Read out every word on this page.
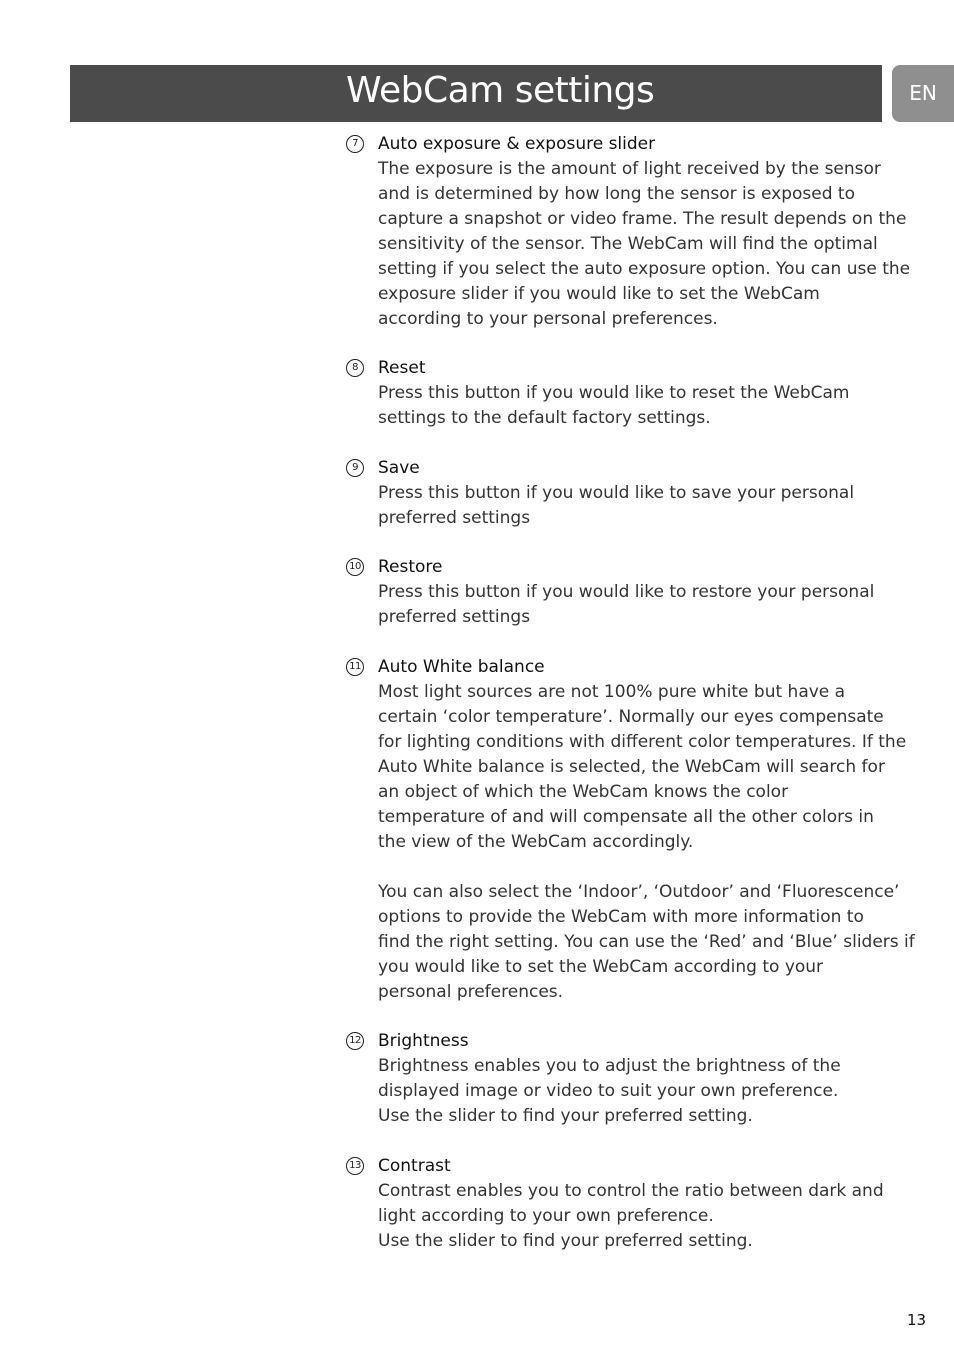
WebCam settings	EN
7	Auto exposure & exposure slider
The exposure is the amount of light received by the sensor
and is determined by how long the sensor is exposed to
capture a snapshot or video frame. The result depends on the
sensitivity of the sensor. The WebCam will find the optimal
setting if you select the auto exposure option. You can use the
exposure slider if you would like to set the WebCam
according to your personal preferences.
8	Reset
Press this button if you would like to reset the WebCam
settings to the default factory settings.
9	Save
Press this button if you would like to save your personal
preferred settings
10 Restore
Press this button if you would like to restore your personal
preferred settings
11 Auto White balance
Most light sources are not 100% pure white but have a
certain ‘color temperature’. Normally our eyes compensate
for lighting conditions with different color temperatures. If the
Auto White balance is selected, the WebCam will search for
an object of which the WebCam knows the color
temperature of and will compensate all the other colors in
the view of the WebCam accordingly.
You can also select the ‘Indoor’, ‘Outdoor’ and ‘Fluorescence’
options to provide the WebCam with more information to
find the right setting. You can use the ‘Red’ and ‘Blue’ sliders if
you would like to set the WebCam according to your
personal preferences.
12 Brightness
Brightness enables you to adjust the brightness of the
displayed image or video to suit your own preference.
Use the slider to find your preferred setting.
13 Contrast
Contrast enables you to control the ratio between dark and
light according to your own preference.
Use the slider to find your preferred setting.
13
